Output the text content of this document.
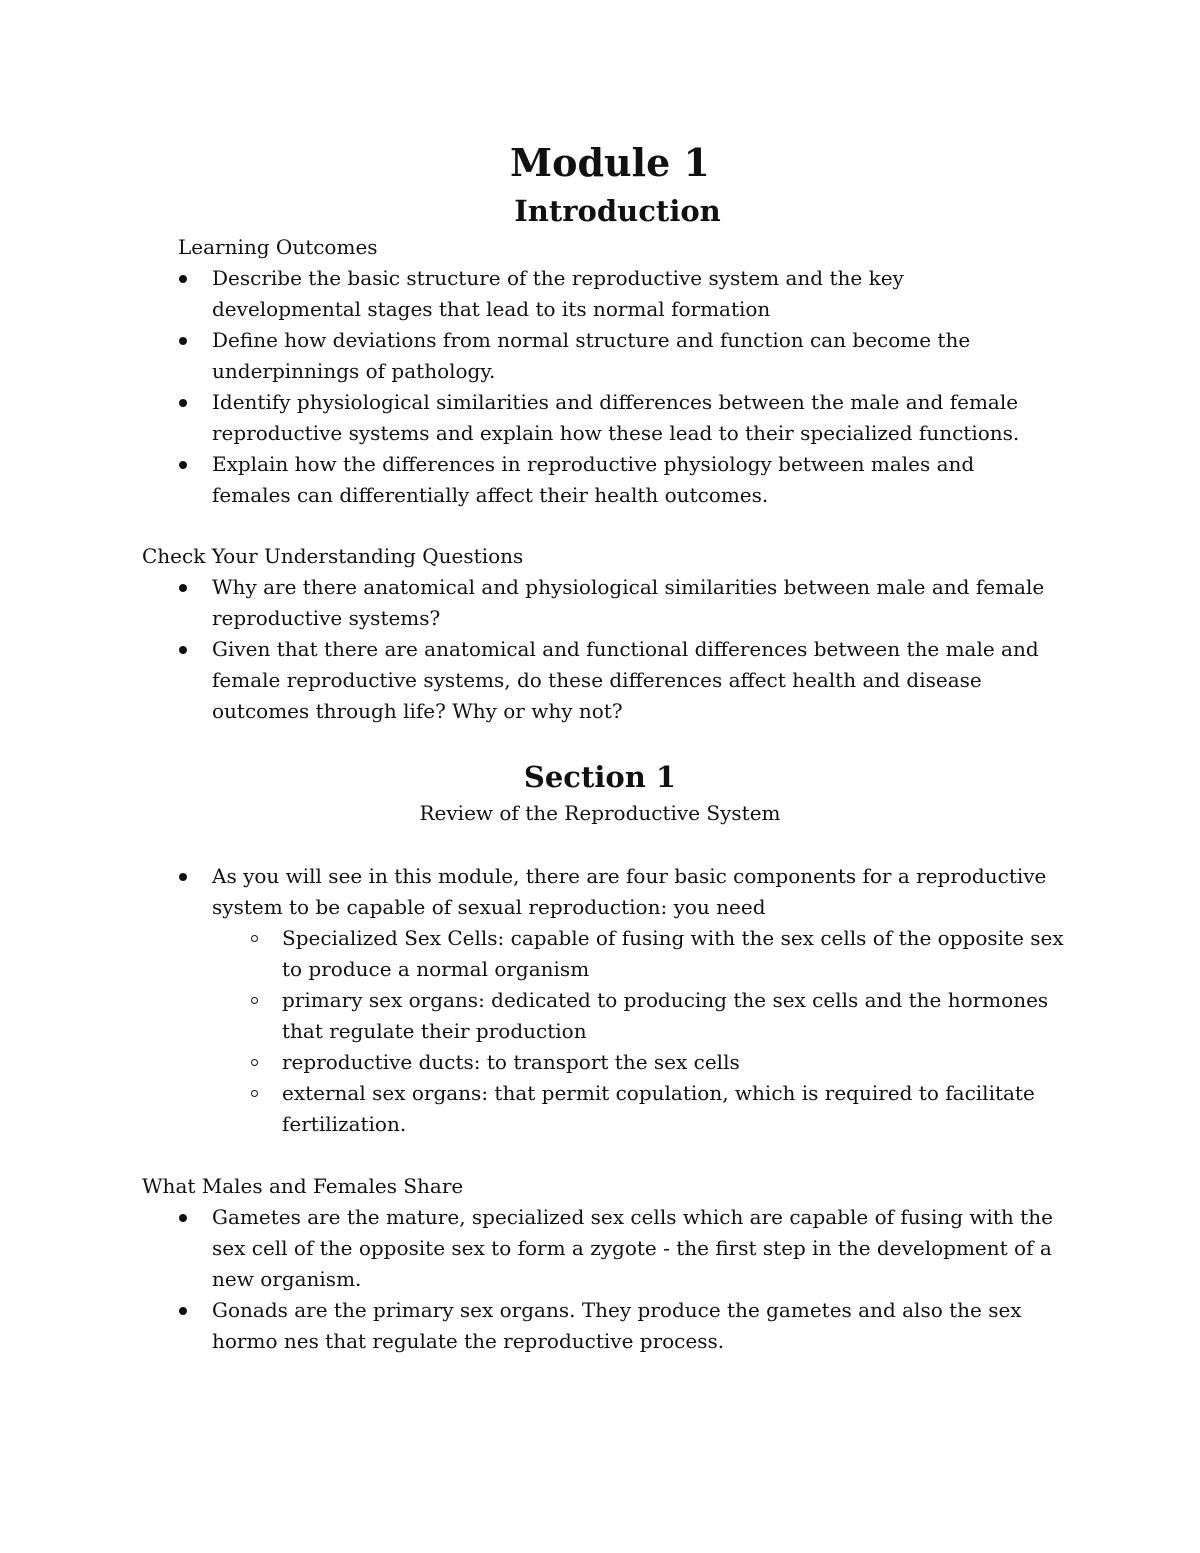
Module 1
Introduction

Learning Outcomes

Describe the basic structure of the reproductive system and the key developmental stages that lead to its normal formation
Define how deviations from normal structure and function can become the underpinnings of pathology.
Identify physiological similarities and differences between the male and female reproductive systems and explain how these lead to their specialized functions.
Explain how the differences in reproductive physiology between males and females can differentially affect their health outcomes.

Check Your Understanding Questions

Why are there anatomical and physiological similarities between male and female reproductive systems?
Given that there are anatomical and functional differences between the male and female reproductive systems, do these differences affect health and disease outcomes through life? Why or why not?
Section 1

Review of the Reproductive System

As you will see in this module, there are four basic components for a reproductive system to be capable of sexual reproduction: you need
Specialized Sex Cells: capable of fusing with the sex cells of the opposite sex to produce a normal organism
primary sex organs: dedicated to producing the sex cells and the hormones that regulate their production
reproductive ducts: to transport the sex cells
external sex organs: that permit copulation, which is required to facilitate fertilization.

What Males and Females Share

Gametes are the mature, specialized sex cells which are capable of fusing with the sex cell of the opposite sex to form a zygote - the first step in the development of a new organism.
Gonads are the primary sex organs. They produce the gametes and also the sex hormo nes that regulate the reproductive process.
